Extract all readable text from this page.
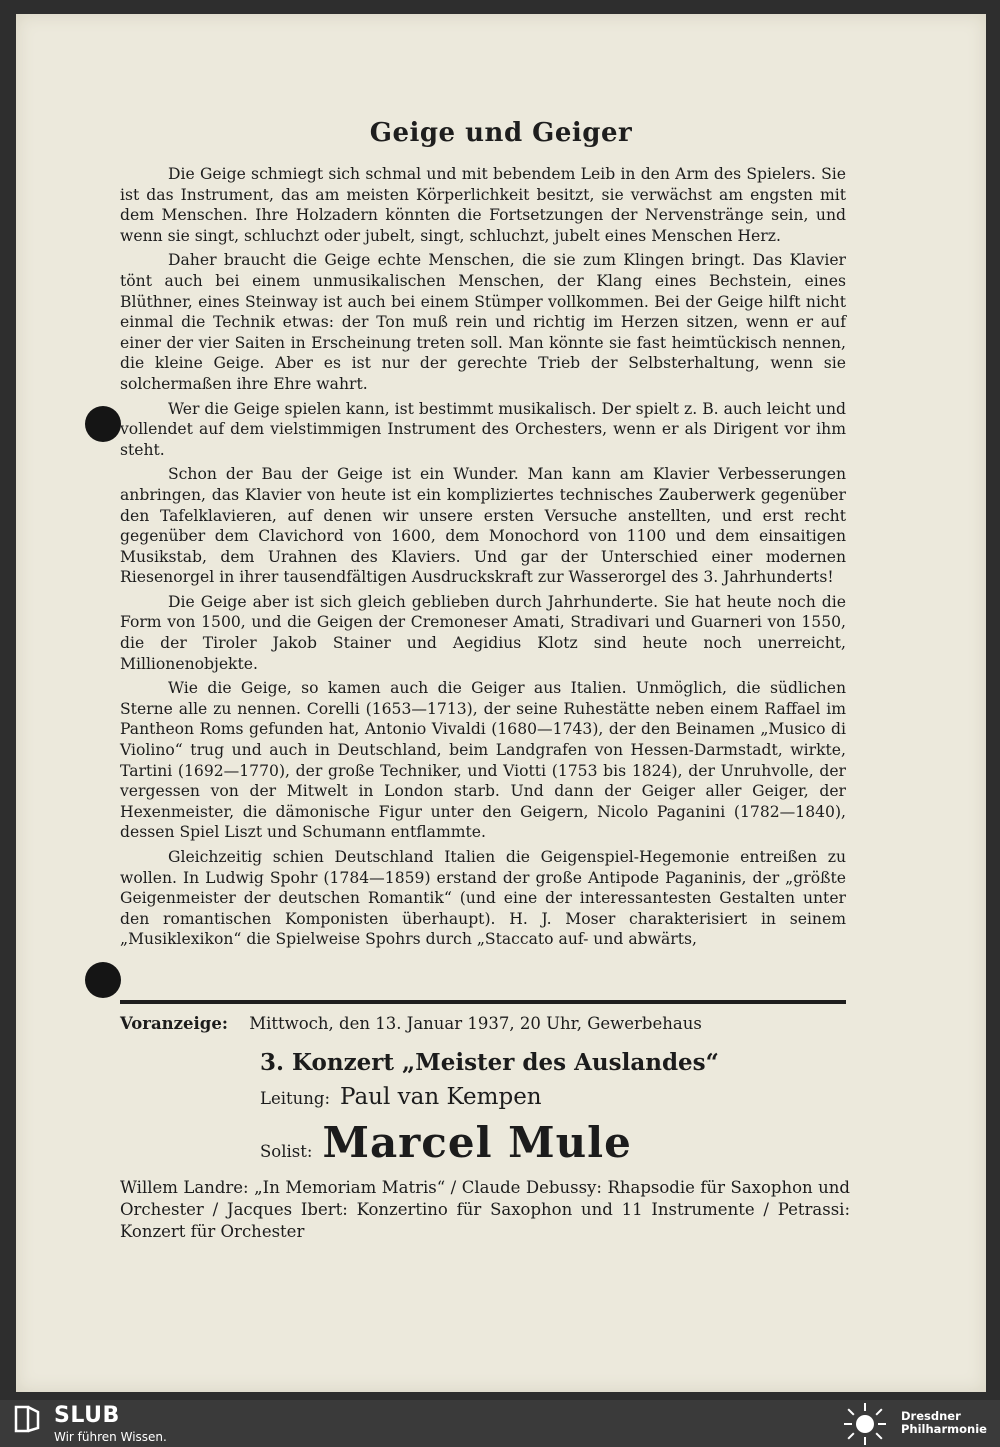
Geige und Geiger

Die Geige schmiegt sich schmal und mit bebendem Leib in den Arm des Spielers. Sie ist das Instrument, das am meisten Körperlichkeit besitzt, sie verwächst am engsten mit dem Menschen. Ihre Holzadern könnten die Fortsetzungen der Nervenstränge sein, und wenn sie singt, schluchzt oder jubelt, singt, schluchzt, jubelt eines Menschen Herz.

Daher braucht die Geige echte Menschen, die sie zum Klingen bringt. Das Klavier tönt auch bei einem unmusikalischen Menschen, der Klang eines Bechstein, eines Blüthner, eines Steinway ist auch bei einem Stümper vollkommen. Bei der Geige hilft nicht einmal die Technik etwas: der Ton muß rein und richtig im Herzen sitzen, wenn er auf einer der vier Saiten in Erscheinung treten soll. Man könnte sie fast heimtückisch nennen, die kleine Geige. Aber es ist nur der gerechte Trieb der Selbsterhaltung, wenn sie solchermaßen ihre Ehre wahrt.

Wer die Geige spielen kann, ist bestimmt musikalisch. Der spielt z. B. auch leicht und vollendet auf dem vielstimmigen Instrument des Orchesters, wenn er als Dirigent vor ihm steht.

Schon der Bau der Geige ist ein Wunder. Man kann am Klavier Verbesserungen anbringen, das Klavier von heute ist ein kompliziertes technisches Zauberwerk gegenüber den Tafelklavieren, auf denen wir unsere ersten Versuche anstellten, und erst recht gegenüber dem Clavichord von 1600, dem Monochord von 1100 und dem einsaitigen Musikstab, dem Urahnen des Klaviers. Und gar der Unterschied einer modernen Riesenorgel in ihrer tausendfältigen Ausdruckskraft zur Wasserorgel des 3. Jahrhunderts!

Die Geige aber ist sich gleich geblieben durch Jahrhunderte. Sie hat heute noch die Form von 1500, und die Geigen der Cremoneser Amati, Stradivari und Guarneri von 1550, die der Tiroler Jakob Stainer und Aegidius Klotz sind heute noch unerreicht, Millionenobjekte.

Wie die Geige, so kamen auch die Geiger aus Italien. Unmöglich, die südlichen Sterne alle zu nennen. Corelli (1653—1713), der seine Ruhestätte neben einem Raffael im Pantheon Roms gefunden hat, Antonio Vivaldi (1680—1743), der den Beinamen „Musico di Violino“ trug und auch in Deutschland, beim Landgrafen von Hessen-Darmstadt, wirkte, Tartini (1692—1770), der große Techniker, und Viotti (1753 bis 1824), der Unruhvolle, der vergessen von der Mitwelt in London starb. Und dann der Geiger aller Geiger, der Hexenmeister, die dämonische Figur unter den Geigern, Nicolo Paganini (1782—1840), dessen Spiel Liszt und Schumann entflammte.

Gleichzeitig schien Deutschland Italien die Geigenspiel-Hegemonie entreißen zu wollen. In Ludwig Spohr (1784—1859) erstand der große Antipode Paganinis, der „größte Geigenmeister der deutschen Romantik“ (und eine der interessantesten Gestalten unter den romantischen Komponisten überhaupt). H. J. Moser charakterisiert in seinem „Musiklexikon“ die Spielweise Spohrs durch „Staccato auf- und abwärts,

Voranzeige: Mittwoch, den 13. Januar 1937, 20 Uhr, Gewerbehaus
3. Konzert „Meister des Auslandes“
Leitung: Paul van Kempen
Solist: Marcel Mule
Willem Landre: „In Memoriam Matris“ / Claude Debussy: Rhapsodie für Saxophon und Orchester / Jacques Ibert: Konzertino für Saxophon und 11 Instrumente / Petrassi: Konzert für Orchester
SLUB
Wir führen Wissen.
Dresdner
Philharmonie
